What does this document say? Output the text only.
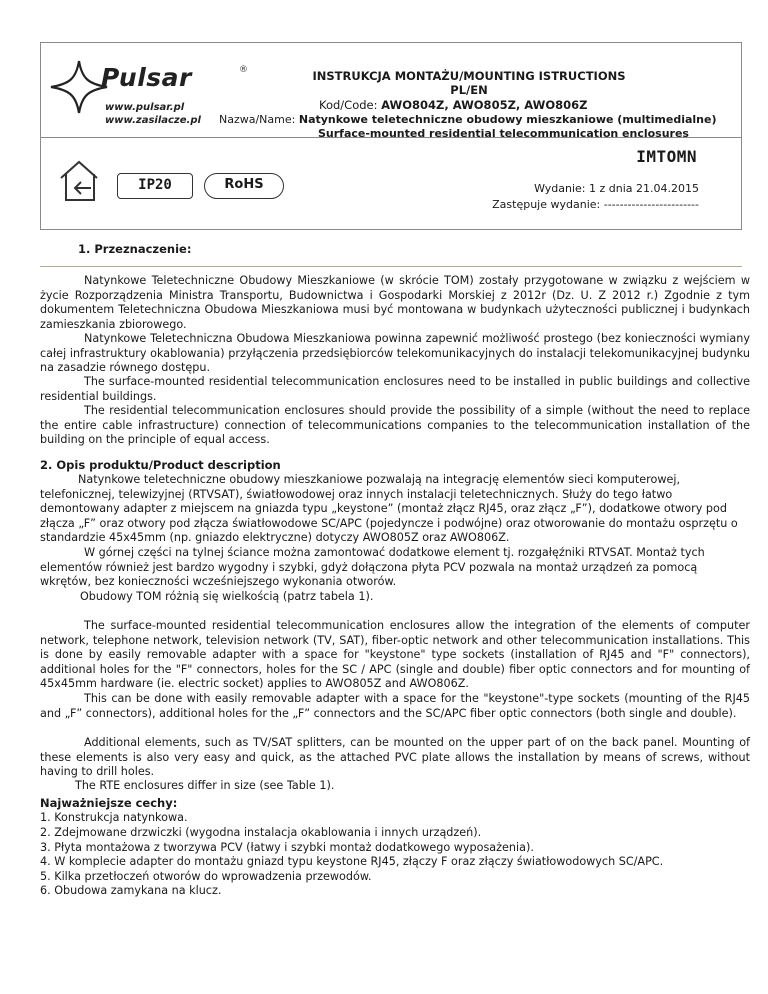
Pulsar	®
www.pulsar.pl
www.zasilacze.pl
INSTRUKCJA MONTAŻU/MOUNTING ISTRUCTIONS
PL/EN
Kod/Code: AWO804Z, AWO805Z, AWO806Z
Nazwa/Name: Natynkowe teletechniczne obudowy mieszkaniowe (multimedialne)
Surface-mounted residential telecommunication enclosures
IP20	RoHS
IMTOMN
Wydanie: 1 z dnia 21.04.2015
Zastępuje wydanie: ------------------------
1. Przeznaczenie:
Natynkowe Teletechniczne Obudowy Mieszkaniowe (w skrócie TOM) zostały przygotowane w związku z wejściem w życie Rozporządzenia Ministra Transportu, Budownictwa i Gospodarki Morskiej z 2012r (Dz. U. Z 2012 r.) Zgodnie z tym dokumentem Teletechniczna Obudowa Mieszkaniowa musi być montowana w budynkach użyteczności publicznej i budynkach zamieszkania zbiorowego.
Natynkowe Teletechniczna Obudowa Mieszkaniowa powinna zapewnić możliwość prostego (bez konieczności wymiany całej infrastruktury okablowania) przyłączenia przedsiębiorców telekomunikacyjnych do instalacji telekomunikacyjnej budynku na zasadzie równego dostępu.
The surface-mounted residential telecommunication enclosures need to be installed in public buildings and collective residential buildings.
The residential telecommunication enclosures should provide the possibility of a simple (without the need to replace the entire cable infrastructure) connection of telecommunications companies to the telecommunication installation of the building on the principle of equal access.
2. Opis produktu/Product description
Natynkowe teletechniczne obudowy mieszkaniowe pozwalają na integrację elementów sieci komputerowej, telefonicznej, telewizyjnej (RTVSAT), światłowodowej oraz innych instalacji teletechnicznych. Służy do tego łatwo demontowany adapter z miejscem na gniazda typu „keystone” (montaż złącz RJ45, oraz złącz „F”), dodatkowe otwory pod złącza „F” oraz otwory pod złącza światłowodowe SC/APC (pojedyncze i podwójne) oraz otworowanie do montażu osprzętu o standardzie 45x45mm (np. gniazdo elektryczne) dotyczy AWO805Z oraz AWO806Z.
W górnej części na tylnej ściance można zamontować dodatkowe element tj. rozgałęźniki RTVSAT. Montaż tych elementów również jest bardzo wygodny i szybki, gdyż dołączona płyta PCV pozwala na montaż urządzeń za pomocą wkrętów, bez konieczności wcześniejszego wykonania otworów.
Obudowy TOM różnią się wielkością (patrz tabela 1).
The surface-mounted residential telecommunication enclosures allow the integration of the elements of computer network, telephone network, television network (TV, SAT), fiber-optic network and other telecommunication installations. This is done by easily removable adapter with a space for "keystone" type sockets (installation of RJ45 and "F" connectors), additional holes for the "F" connectors, holes for the SC / APC (single and double) fiber optic connectors and for mounting of 45x45mm hardware (ie. electric socket) applies to AWO805Z and AWO806Z.
This can be done with easily removable adapter with a space for the "keystone"-type sockets (mounting of the RJ45 and „F” connectors), additional holes for the „F” connectors and the SC/APC fiber optic connectors (both single and double).
Additional elements, such as TV/SAT splitters, can be mounted on the upper part of on the back panel. Mounting of these elements is also very easy and quick, as the attached PVC plate allows the installation by means of screws, without having to drill holes.
The RTE enclosures differ in size (see Table 1).
Najważniejsze cechy:
1. Konstrukcja natynkowa.
2. Zdejmowane drzwiczki (wygodna instalacja okablowania i innych urządzeń).
3. Płyta montażowa z tworzywa PCV (łatwy i szybki montaż dodatkowego wyposażenia).
4. W komplecie adapter do montażu gniazd typu keystone RJ45, złączy F oraz złączy światłowodowych SC/APC.
5. Kilka przetłoczeń otworów do wprowadzenia przewodów.
6. Obudowa zamykana na klucz.
